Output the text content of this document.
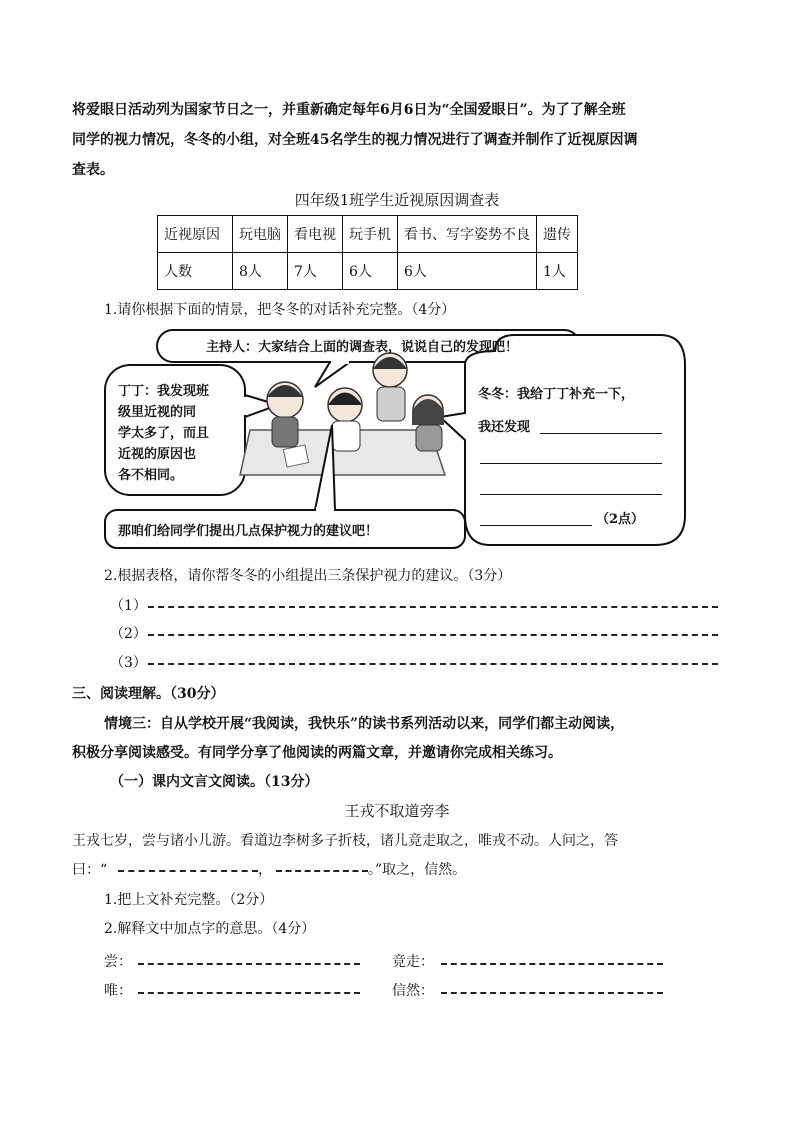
将爱眼日活动列为国家节日之一，并重新确定每年6月6日为“全国爱眼日”。为了了解全班
同学的视力情况，冬冬的小组，对全班45名学生的视力情况进行了调查并制作了近视原因调
查表。
四年级1班学生近视原因调查表
近视原因	玩电脑	看电视	玩手机	看书、写字姿势不良	遗传
人数	8人	7人	6人	6人	1人
1.请你根据下面的情景，把冬冬的对话补充完整。（4分）
主持人：大家结合上面的调查表，说说自己的发现吧！
丁丁：我发现班
级里近视的同
学太多了，而且
近视的原因也
各不相同。
冬冬：我给丁丁补充一下，
我还发现
（2点）
那咱们给同学们提出几点保护视力的建议吧！
2.根据表格，请你帮冬冬的小组提出三条保护视力的建议。（3分）
（1）
（2）
（3）
三、阅读理解。（30分）
情境三：自从学校开展“我阅读，我快乐”的读书系列活动以来，同学们都主动阅读，
积极分享阅读感受。有同学分享了他阅读的两篇文章，并邀请你完成相关练习。
（一）课内文言文阅读。（13分）
王戎不取道旁李
王戎七岁，尝与诸小儿游。看道边李树多子折枝，诸儿竞走取之，唯戎不动。人问之，答
曰：“	，	。”取之，信然。
1.把上文补充完整。（2分）
2.解释文中加点字的意思。（4分）
尝：	竞走：
唯：	信然：
